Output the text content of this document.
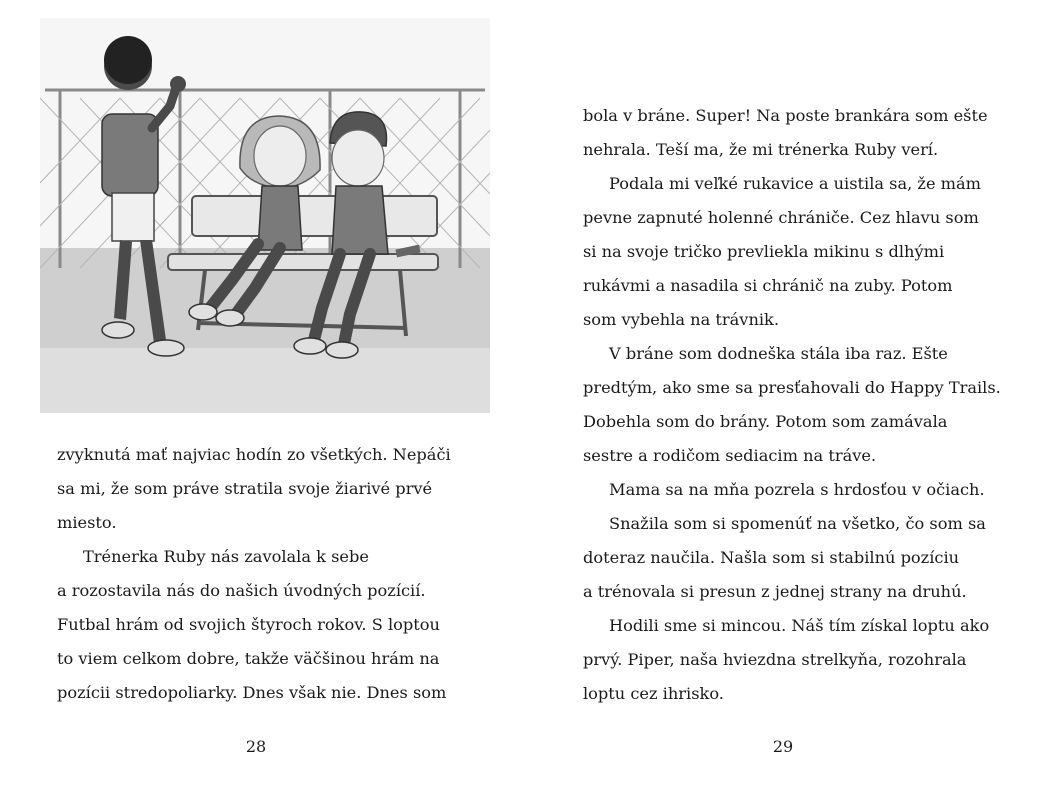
zvyknutá mať najviac hodín zo všetkých. Nepáči
sa mi, že som práve stratila svoje žiarivé prvé
miesto.
Trénerka Ruby nás zavolala k sebe
a rozostavila nás do našich úvodných pozícií.
Futbal hrám od svojich štyroch rokov. S loptou
to viem celkom dobre, takže väčšinou hrám na
pozícii stredopoliarky. Dnes však nie. Dnes som
28
bola v bráne. Super! Na poste brankára som ešte
nehrala. Teší ma, že mi trénerka Ruby verí.
Podala mi veľké rukavice a uistila sa, že mám
pevne zapnuté holenné chrániče. Cez hlavu som
si na svoje tričko prevliekla mikinu s dlhými
rukávmi a nasadila si chránič na zuby. Potom
som vybehla na trávnik.
V bráne som dodneška stála iba raz. Ešte
predtým, ako sme sa presťahovali do Happy Trails.
Dobehla som do brány. Potom som zamávala
sestre a rodičom sediacim na tráve.
Mama sa na mňa pozrela s hrdosťou v očiach.
Snažila som si spomenúť na všetko, čo som sa
doteraz naučila. Našla som si stabilnú pozíciu
a trénovala si presun z jednej strany na druhú.
Hodili sme si mincou. Náš tím získal loptu ako
prvý. Piper, naša hviezdna strelkyňa, rozohrala
loptu cez ihrisko.
29
